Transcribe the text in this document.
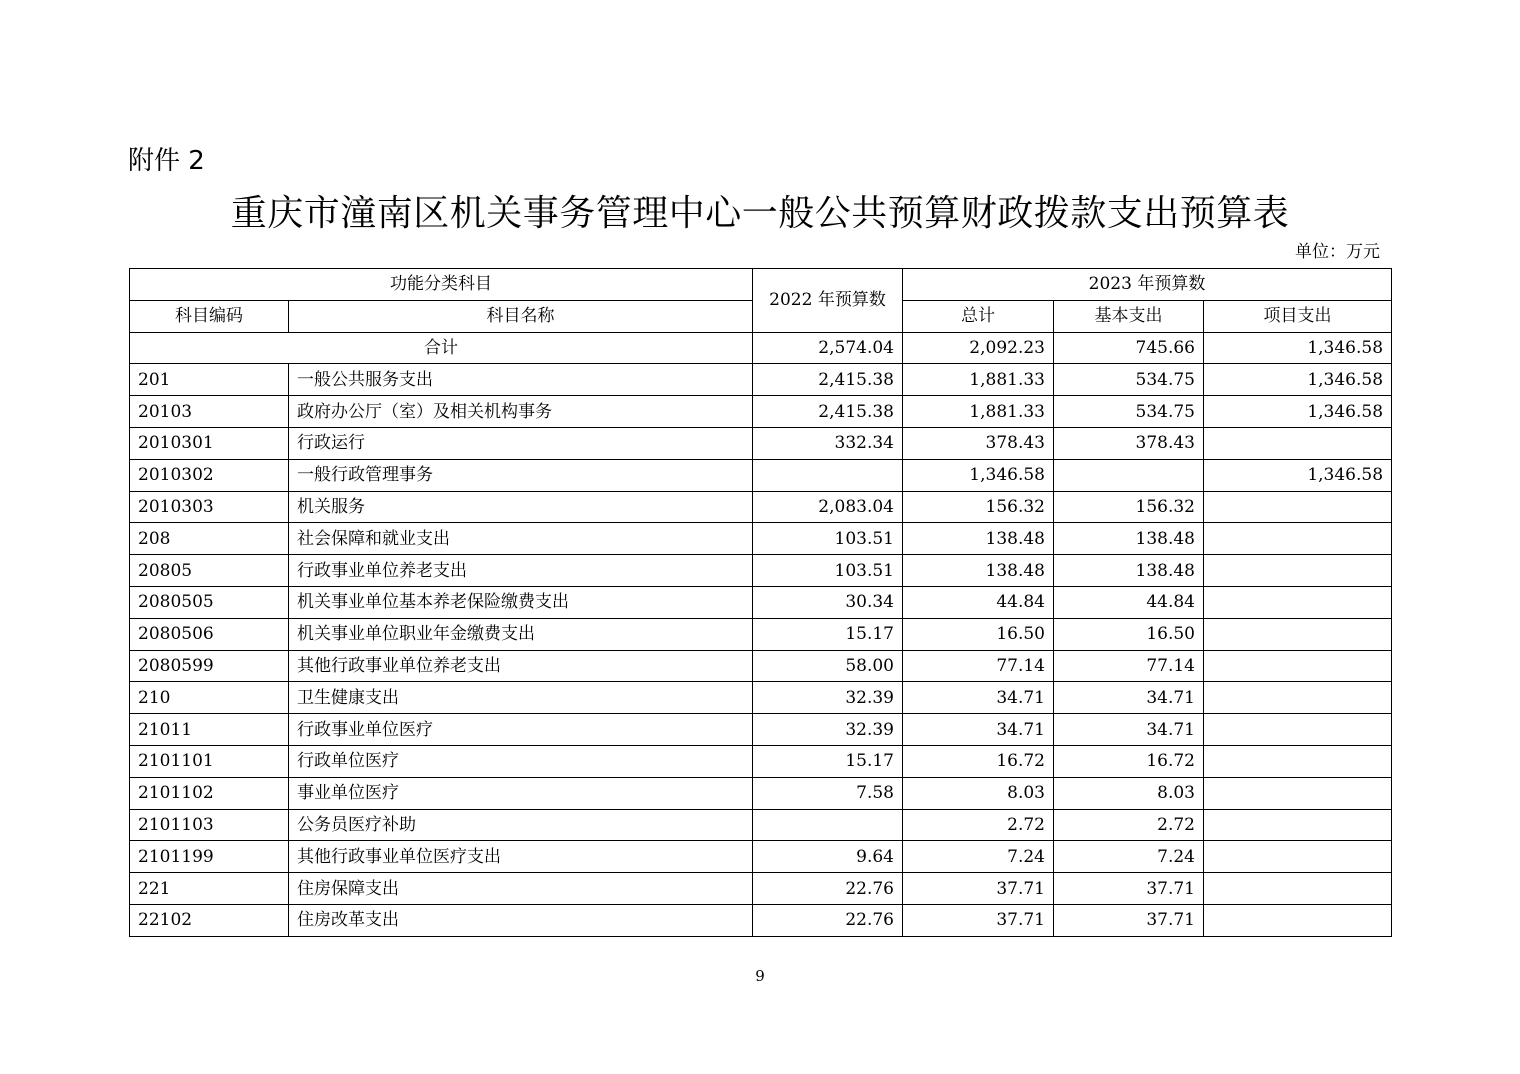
附件 2
重庆市潼南区机关事务管理中心一般公共预算财政拨款支出预算表
单位：万元
功能分类科目		2022 年预算数	2023 年预算数		
科目编码	科目名称		总计	基本支出	项目支出
合计		2,574.04	2,092.23	745.66	1,346.58
201	一般公共服务支出	2,415.38	1,881.33	534.75	1,346.58
20103	政府办公厅（室）及相关机构事务	2,415.38	1,881.33	534.75	1,346.58
2010301	行政运行	332.34	378.43	378.43	
2010302	一般行政管理事务		1,346.58		1,346.58
2010303	机关服务	2,083.04	156.32	156.32	
208	社会保障和就业支出	103.51	138.48	138.48	
20805	行政事业单位养老支出	103.51	138.48	138.48	
2080505	机关事业单位基本养老保险缴费支出	30.34	44.84	44.84	
2080506	机关事业单位职业年金缴费支出	15.17	16.50	16.50	
2080599	其他行政事业单位养老支出	58.00	77.14	77.14	
210	卫生健康支出	32.39	34.71	34.71	
21011	行政事业单位医疗	32.39	34.71	34.71	
2101101	行政单位医疗	15.17	16.72	16.72	
2101102	事业单位医疗	7.58	8.03	8.03	
2101103	公务员医疗补助		2.72	2.72	
2101199	其他行政事业单位医疗支出	9.64	7.24	7.24	
221	住房保障支出	22.76	37.71	37.71	
22102	住房改革支出	22.76	37.71	37.71	
9
